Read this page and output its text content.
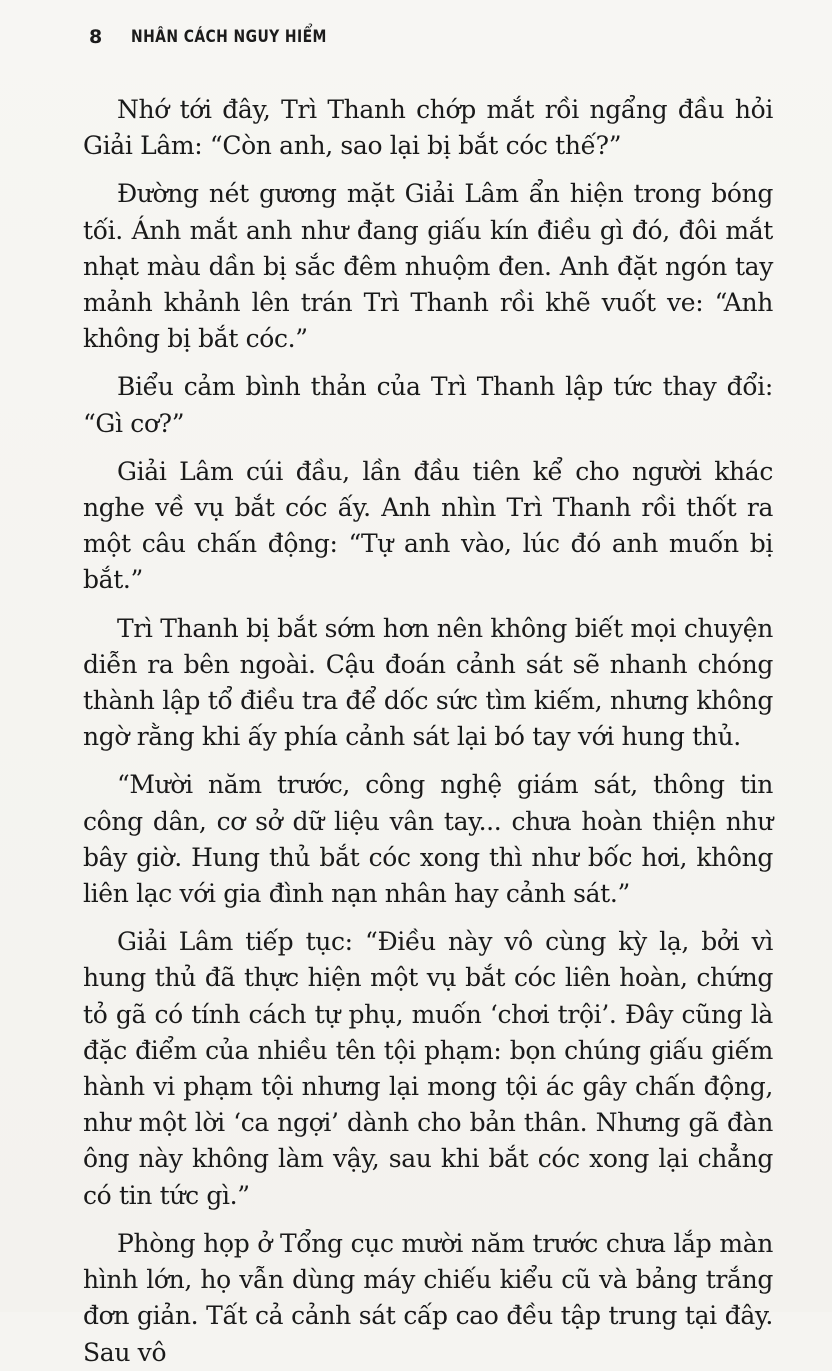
8	NHÂN CÁCH NGUY HIỂM

Nhớ tới đây, Trì Thanh chớp mắt rồi ngẩng đầu hỏi Giải Lâm: “Còn anh, sao lại bị bắt cóc thế?”

Đường nét gương mặt Giải Lâm ẩn hiện trong bóng tối. Ánh mắt anh như đang giấu kín điều gì đó, đôi mắt nhạt màu dần bị sắc đêm nhuộm đen. Anh đặt ngón tay mảnh khảnh lên trán Trì Thanh rồi khẽ vuốt ve: “Anh không bị bắt cóc.”

Biểu cảm bình thản của Trì Thanh lập tức thay đổi: “Gì cơ?”

Giải Lâm cúi đầu, lần đầu tiên kể cho người khác nghe về vụ bắt cóc ấy. Anh nhìn Trì Thanh rồi thốt ra một câu chấn động: “Tự anh vào, lúc đó anh muốn bị bắt.”

Trì Thanh bị bắt sớm hơn nên không biết mọi chuyện diễn ra bên ngoài. Cậu đoán cảnh sát sẽ nhanh chóng thành lập tổ điều tra để dốc sức tìm kiếm, nhưng không ngờ rằng khi ấy phía cảnh sát lại bó tay với hung thủ.

“Mười năm trước, công nghệ giám sát, thông tin công dân, cơ sở dữ liệu vân tay... chưa hoàn thiện như bây giờ. Hung thủ bắt cóc xong thì như bốc hơi, không liên lạc với gia đình nạn nhân hay cảnh sát.”

Giải Lâm tiếp tục: “Điều này vô cùng kỳ lạ, bởi vì hung thủ đã thực hiện một vụ bắt cóc liên hoàn, chứng tỏ gã có tính cách tự phụ, muốn ‘chơi trội’. Đây cũng là đặc điểm của nhiều tên tội phạm: bọn chúng giấu giếm hành vi phạm tội nhưng lại mong tội ác gây chấn động, như một lời ‘ca ngợi’ dành cho bản thân. Nhưng gã đàn ông này không làm vậy, sau khi bắt cóc xong lại chẳng có tin tức gì.”

Phòng họp ở Tổng cục mười năm trước chưa lắp màn hình lớn, họ vẫn dùng máy chiếu kiểu cũ và bảng trắng đơn giản. Tất cả cảnh sát cấp cao đều tập trung tại đây. Sau vô
